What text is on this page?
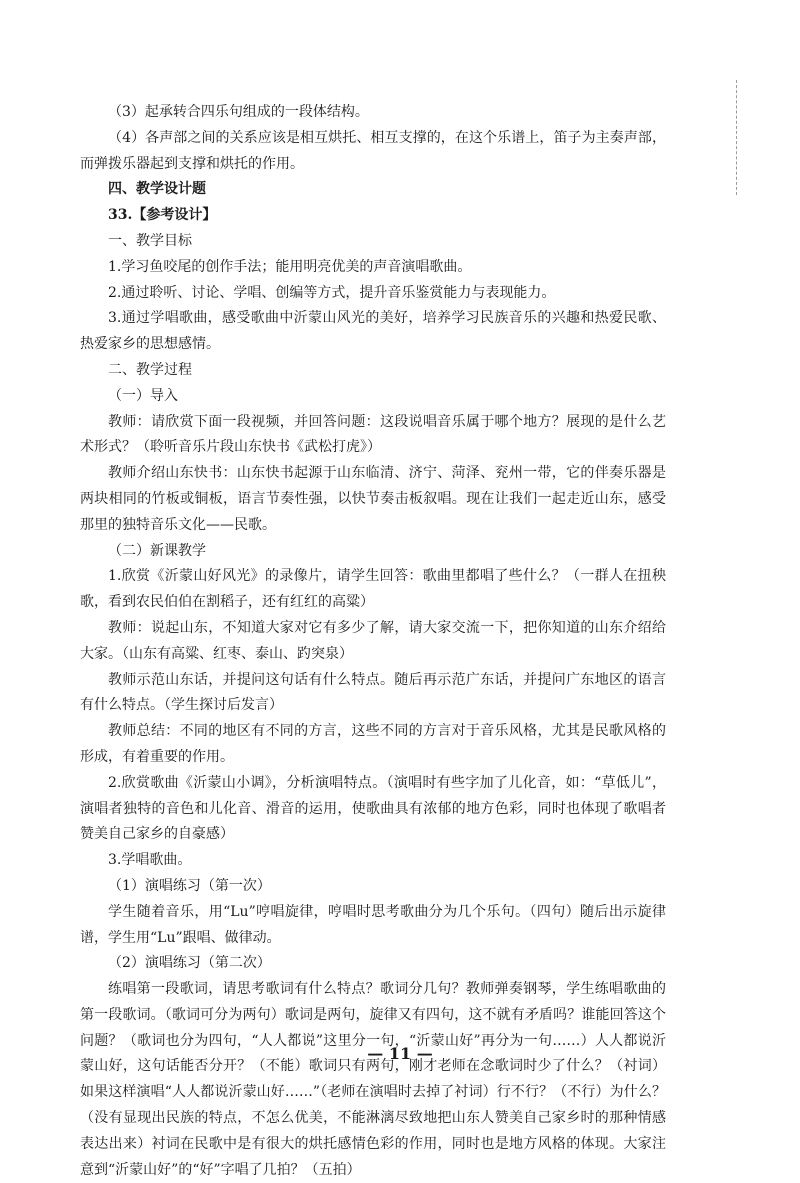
（3）起承转合四乐句组成的一段体结构。

（4）各声部之间的关系应该是相互烘托、相互支撑的，在这个乐谱上，笛子为主奏声部，而弹拨乐器起到支撑和烘托的作用。

四、教学设计题

33.【参考设计】

一、教学目标

1.学习鱼咬尾的创作手法；能用明亮优美的声音演唱歌曲。

2.通过聆听、讨论、学唱、创编等方式，提升音乐鉴赏能力与表现能力。

3.通过学唱歌曲，感受歌曲中沂蒙山风光的美好，培养学习民族音乐的兴趣和热爱民歌、热爱家乡的思想感情。

二、教学过程

（一）导入

教师：请欣赏下面一段视频，并回答问题：这段说唱音乐属于哪个地方？展现的是什么艺术形式？（聆听音乐片段山东快书《武松打虎》）

教师介绍山东快书：山东快书起源于山东临清、济宁、菏泽、兖州一带，它的伴奏乐器是两块相同的竹板或铜板，语言节奏性强，以快节奏击板叙唱。现在让我们一起走近山东，感受那里的独特音乐文化——民歌。

（二）新课教学

1.欣赏《沂蒙山好风光》的录像片，请学生回答：歌曲里都唱了些什么？（一群人在扭秧歌，看到农民伯伯在割稻子，还有红红的高粱）

教师：说起山东，不知道大家对它有多少了解，请大家交流一下，把你知道的山东介绍给大家。（山东有高粱、红枣、泰山、趵突泉）

教师示范山东话，并提问这句话有什么特点。随后再示范广东话，并提问广东地区的语言有什么特点。（学生探讨后发言）

教师总结：不同的地区有不同的方言，这些不同的方言对于音乐风格，尤其是民歌风格的形成，有着重要的作用。

2.欣赏歌曲《沂蒙山小调》，分析演唱特点。（演唱时有些字加了儿化音，如：“草低儿”，演唱者独特的音色和儿化音、滑音的运用，使歌曲具有浓郁的地方色彩，同时也体现了歌唱者赞美自己家乡的自豪感）

3.学唱歌曲。

（1）演唱练习（第一次）

学生随着音乐，用“Lu”哼唱旋律，哼唱时思考歌曲分为几个乐句。（四句）随后出示旋律谱，学生用“Lu”跟唱、做律动。

（2）演唱练习（第二次）

练唱第一段歌词，请思考歌词有什么特点？歌词分几句？教师弹奏钢琴，学生练唱歌曲的第一段歌词。（歌词可分为两句）歌词是两句，旋律又有四句，这不就有矛盾吗？谁能回答这个问题？（歌词也分为四句，“人人都说”这里分一句，“沂蒙山好”再分为一句……）人人都说沂蒙山好，这句话能否分开？（不能）歌词只有两句，刚才老师在念歌词时少了什么？（衬词）如果这样演唱“人人都说沂蒙山好……”（老师在演唱时去掉了衬词）行不行？（不行）为什么？（没有显现出民族的特点，不怎么优美，不能淋漓尽致地把山东人赞美自己家乡时的那种情感表达出来）衬词在民歌中是有很大的烘托感情色彩的作用，同时也是地方风格的体现。大家注意到“沂蒙山好”的“好”字唱了几拍？（五拍）

— 11 —
